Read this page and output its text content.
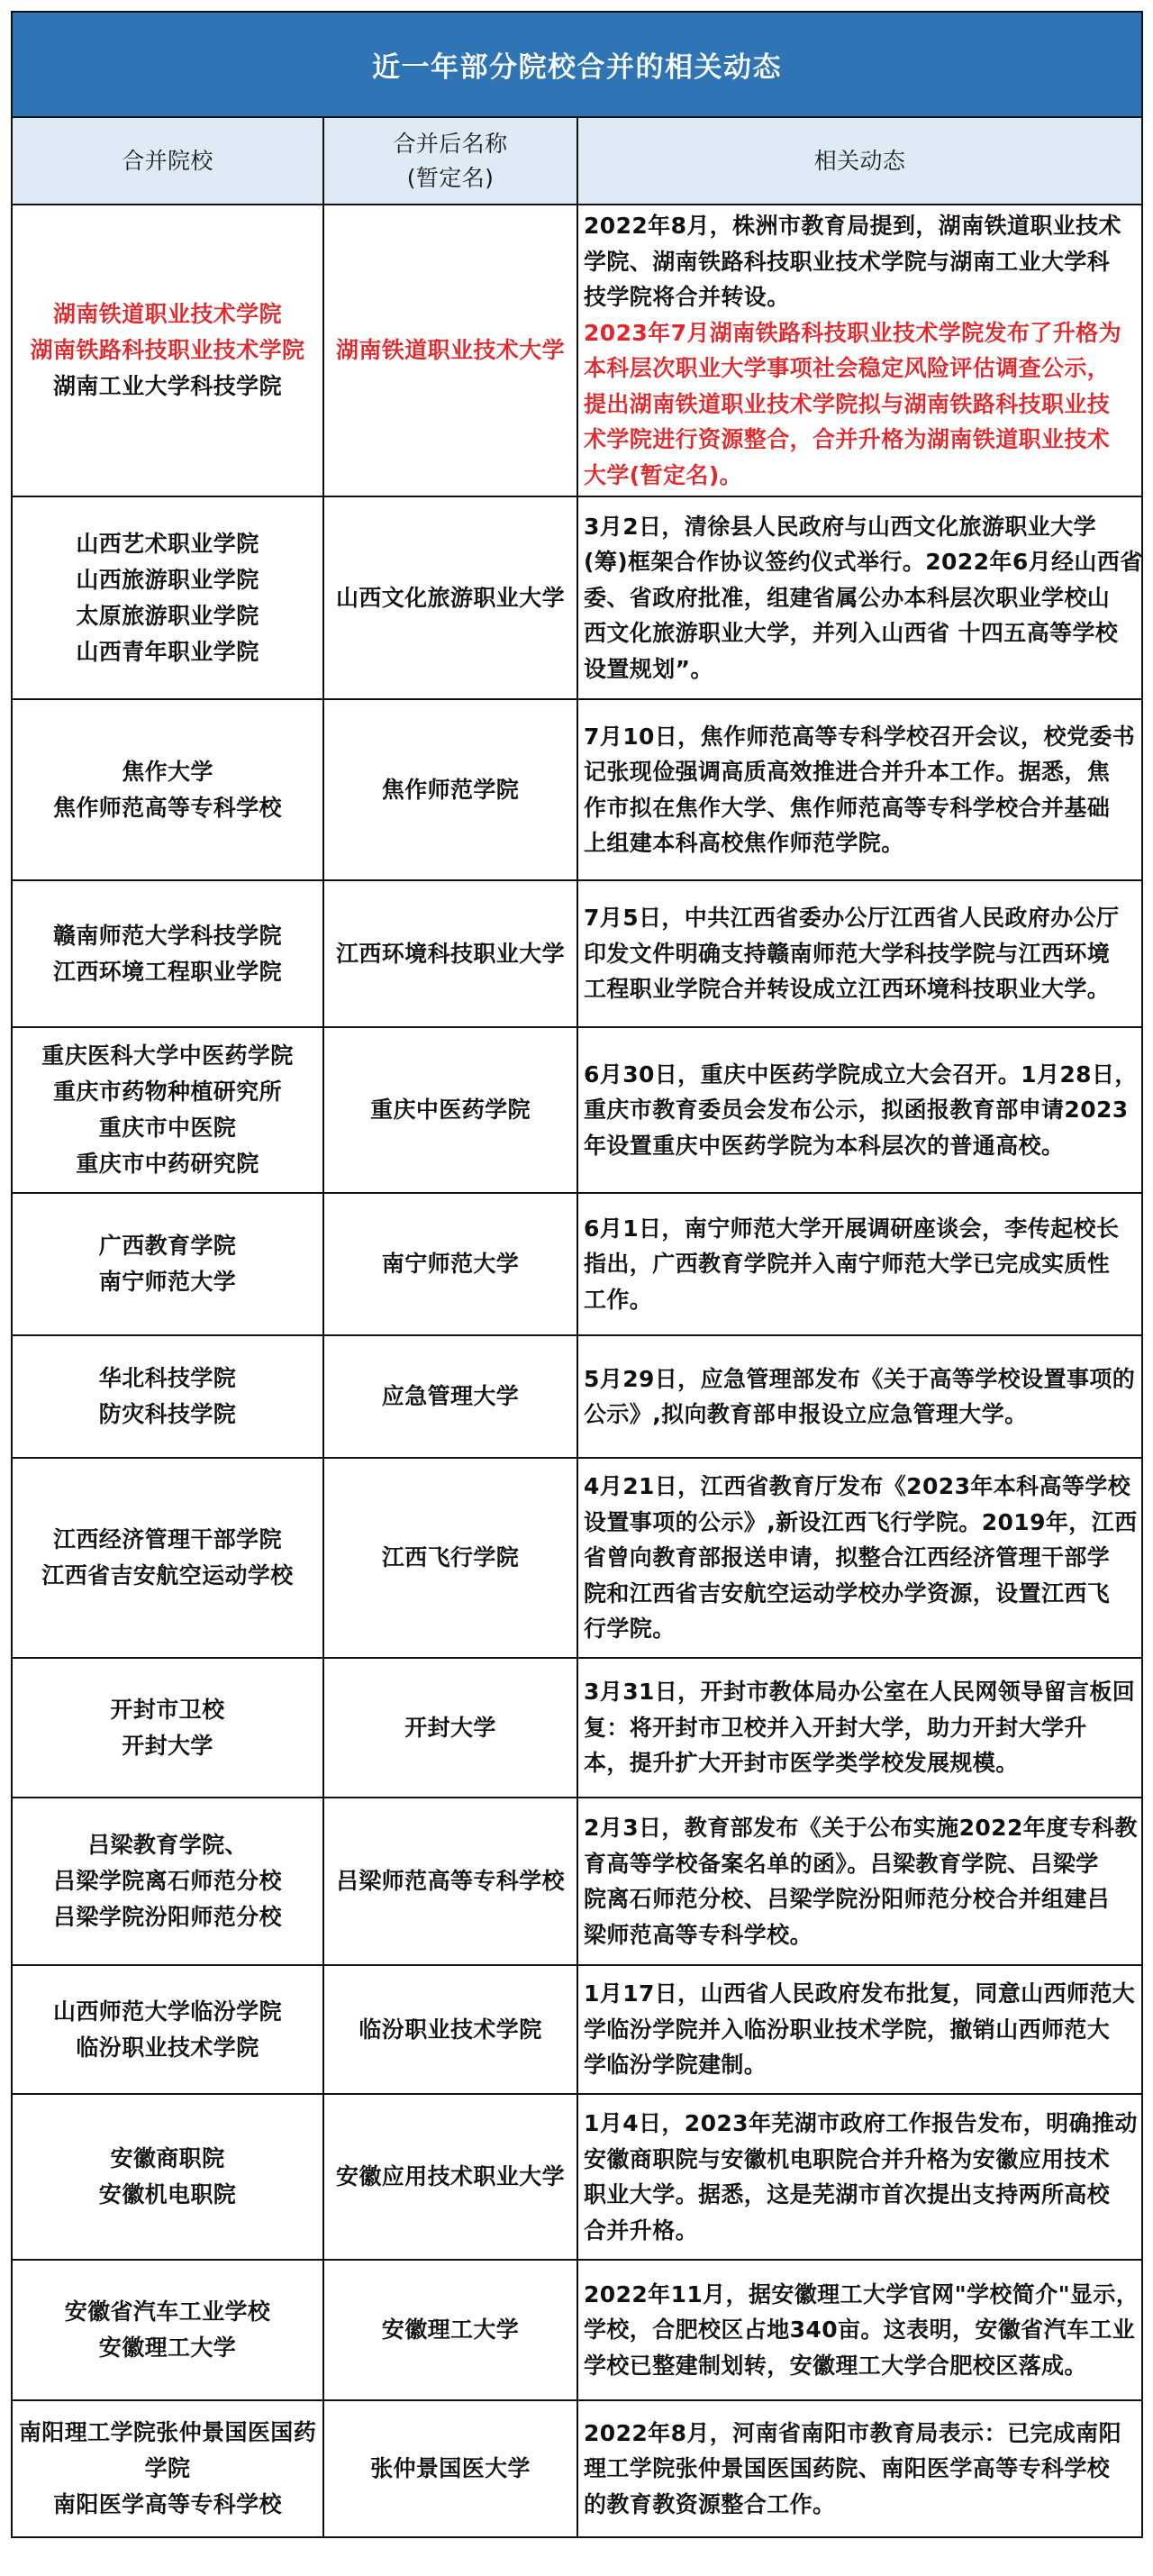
近一年部分院校合并的相关动态		
合并院校	合并后名称
(暂定名)	相关动态

湖南铁道职业技术学院
湖南铁路科技职业技术学院
湖南工业大学科技学院
	湖南铁道职业技术大学	
2022年8月，株洲市教育局提到，湖南铁道职业技术
学院、湖南铁路科技职业技术学院与湖南工业大学科
技学院将合并转设。
2023年7月湖南铁路科技职业技术学院发布了升格为
本科层次职业大学事项社会稳定风险评估调查公示，
提出湖南铁道职业技术学院拟与湖南铁路科技职业技
术学院进行资源整合，合并升格为湖南铁道职业技术
大学(暂定名)。

山西艺术职业学院
山西旅游职业学院
太原旅游职业学院
山西青年职业学院	山西文化旅游职业大学	3月2日，清徐县人民政府与山西文化旅游职业大学
(筹)框架合作协议签约仪式举行。2022年6月经山西省
委、省政府批准，组建省属公办本科层次职业学校山
西文化旅游职业大学，并列入山西省 十四五高等学校
设置规划”。

焦作大学
焦作师范高等专科学校	焦作师范学院	7月10日，焦作师范高等专科学校召开会议，校党委书
记张现俭强调高质高效推进合并升本工作。据悉，焦
作市拟在焦作大学、焦作师范高等专科学校合并基础
上组建本科高校焦作师范学院。

赣南师范大学科技学院
江西环境工程职业学院	江西环境科技职业大学	7月5日，中共江西省委办公厅江西省人民政府办公厅
印发文件明确支持赣南师范大学科技学院与江西环境
工程职业学院合并转设成立江西环境科技职业大学。

重庆医科大学中医药学院
重庆市药物种植研究所
重庆市中医院
重庆市中药研究院	重庆中医药学院	6月30日，重庆中医药学院成立大会召开。1月28日，
重庆市教育委员会发布公示，拟函报教育部申请2023
年设置重庆中医药学院为本科层次的普通高校。

广西教育学院
南宁师范大学	南宁师范大学	6月1日，南宁师范大学开展调研座谈会，李传起校长
指出，广西教育学院并入南宁师范大学已完成实质性
工作。

华北科技学院
防灾科技学院	应急管理大学	5月29日，应急管理部发布《关于高等学校设置事项的
公示》,拟向教育部申报设立应急管理大学。

江西经济管理干部学院
江西省吉安航空运动学校	江西飞行学院	4月21日，江西省教育厅发布《2023年本科高等学校
设置事项的公示》,新设江西飞行学院。2019年，江西
省曾向教育部报送申请，拟整合江西经济管理干部学
院和江西省吉安航空运动学校办学资源，设置江西飞
行学院。

开封市卫校
开封大学	开封大学	3月31日，开封市教体局办公室在人民网领导留言板回
复：将开封市卫校并入开封大学，助力开封大学升
本，提升扩大开封市医学类学校发展规模。

吕梁教育学院、
吕梁学院离石师范分校
吕梁学院汾阳师范分校	吕梁师范高等专科学校	2月3日，教育部发布《关于公布实施2022年度专科教
育高等学校备案名单的函》。吕梁教育学院、吕梁学
院离石师范分校、吕梁学院汾阳师范分校合并组建吕
梁师范高等专科学校。

山西师范大学临汾学院
临汾职业技术学院	临汾职业技术学院	1月17日，山西省人民政府发布批复，同意山西师范大
学临汾学院并入临汾职业技术学院，撤销山西师范大
学临汾学院建制。

安徽商职院
安徽机电职院	安徽应用技术职业大学	1月4日，2023年芜湖市政府工作报告发布，明确推动
安徽商职院与安徽机电职院合并升格为安徽应用技术
职业大学。据悉，这是芜湖市首次提出支持两所高校
合并升格。

安徽省汽车工业学校
安徽理工大学	安徽理工大学	2022年11月，据安徽理工大学官网"学校简介"显示，
学校，合肥校区占地340亩。这表明，安徽省汽车工业
学校已整建制划转，安徽理工大学合肥校区落成。

南阳理工学院张仲景国医国药学院
南阳医学高等专科学校	张仲景国医大学	2022年8月，河南省南阳市教育局表示：已完成南阳
理工学院张仲景国医国药院、南阳医学高等专科学校
的教育教资源整合工作。
